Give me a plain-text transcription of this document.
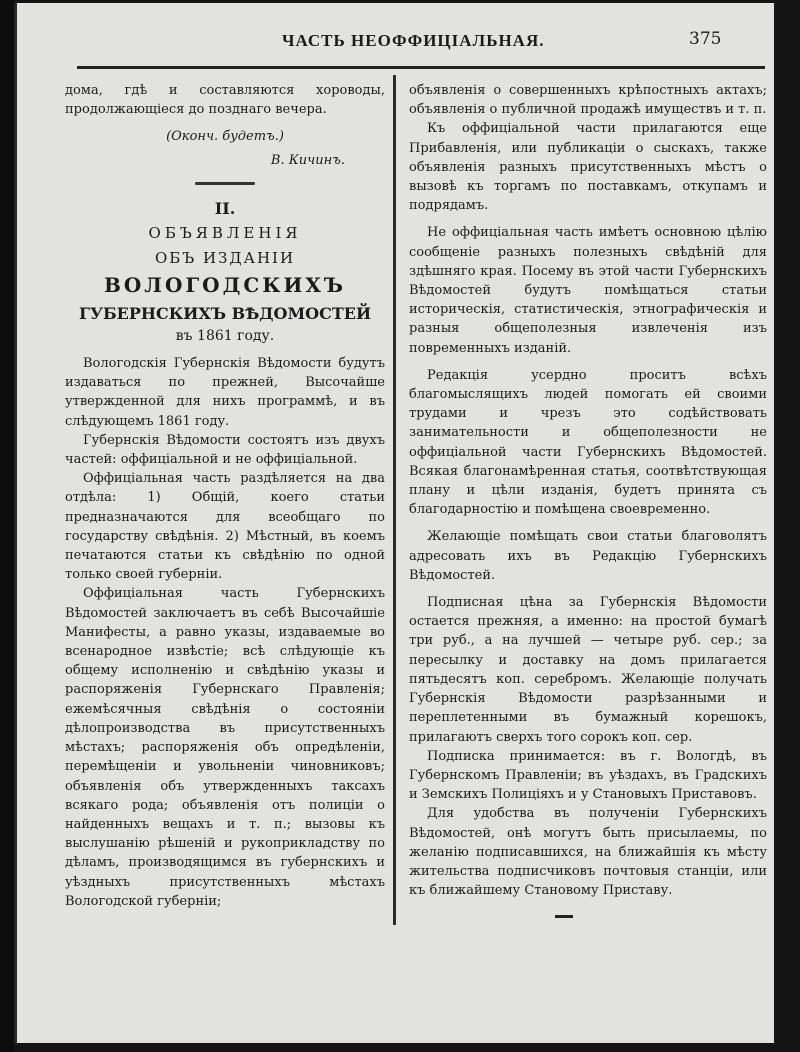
ЧАСТЬ НЕОФФИЦІАЛЬНАЯ.	375

дома, гдѣ и составляются хороводы, продолжающіеся до позднаго вечера.

(Оконч. будетъ.)

В. Кичинъ.

II.

ОБЪЯВЛЕНІЯ

ОБЪ ИЗДАНІИ

ВОЛОГОДСКИХЪ

ГУБЕРНСКИХЪ ВѢДОМОСТЕЙ

въ 1861 году.

Вологодскія Губернскія Вѣдомости будутъ издаваться по прежней, Высочайше утвержденной для нихъ программѣ, и въ слѣдующемъ 1861 году.

Губернскія Вѣдомости состоятъ изъ двухъ частей: оффиціальной и не оффиціальной.

Оффиціальная часть раздѣляется на два отдѣла: 1) Общій, коего статьи предназначаются для всеобщаго по государству свѣдѣнія. 2) Мѣстный, въ коемъ печатаются статьи къ свѣдѣнію по одной только своей губерніи.

Оффиціальная часть Губернскихъ Вѣдомостей заключаетъ въ себѣ Высочайшіе Манифесты, а равно указы, издаваемые во всенародное извѣстіе; всѣ слѣдующіе къ общему исполненію и свѣдѣнію указы и распоряженія Губернскаго Правленія; ежемѣсячныя свѣдѣнія о состояніи дѣлопроизводства въ присутственныхъ мѣстахъ; распоряженія объ опредѣленіи, перемѣщеніи и увольненіи чиновниковъ; объявленія объ утвержденныхъ таксахъ всякаго рода; объявленія отъ полиціи о найденныхъ вещахъ и т. п.; вызовы къ выслушанію рѣшеній и рукоприкладству по дѣламъ, производящимся въ губернскихъ и уѣздныхъ присутственныхъ мѣстахъ Вологодской губерніи;

объявленія о совершенныхъ крѣпостныхъ актахъ; объявленія о публичной продажѣ имуществъ и т. п.

Къ оффиціальной части прилагаются еще Прибавленія, или публикаціи о сыскахъ, также объявленія разныхъ присутственныхъ мѣстъ о вызовѣ къ торгамъ по поставкамъ, откупамъ и подрядамъ.

Не оффиціальная часть имѣетъ основною цѣлію сообщеніе разныхъ полезныхъ свѣдѣній для здѣшняго края. Посему въ этой части Губернскихъ Вѣдомостей будутъ помѣщаться статьи историческія, статистическія, этнографическія и разныя общеполезныя извлеченія изъ повременныхъ изданій.

Редакція усердно проситъ всѣхъ благомыслящихъ людей помогать ей своими трудами и чрезъ это содѣйствовать занимательности и общеполезности не оффиціальной части Губернскихъ Вѣдомостей. Всякая благонамѣренная статья, соотвѣтствующая плану и цѣли изданія, будетъ принята съ благодарностію и помѣщена своевременно.

Желающіе помѣщать свои статьи благоволятъ адресовать ихъ въ Редакцію Губернскихъ Вѣдомостей.

Подписная цѣна за Губернскія Вѣдомости остается прежняя, а именно: на простой бумагѣ три руб., а на лучшей — четыре руб. сер.; за пересылку и доставку на домъ прилагается пятьдесятъ коп. серебромъ. Желающіе получать Губернскія Вѣдомости разрѣзанными и переплетенными въ бумажный корешокъ, прилагаютъ сверхъ того сорокъ коп. сер.

Подписка принимается: въ г. Вологдѣ, въ Губернскомъ Правленіи; въ уѣздахъ, въ Градскихъ и Земскихъ Полиціяхъ и у Становыхъ Приставовъ.

Для удобства въ полученіи Губернскихъ Вѣдомостей, онѣ могутъ быть присылаемы, по желанію подписавшихся, на ближайшія къ мѣсту жительства подписчиковъ почтовыя станціи, или къ ближайшему Становому Приставу.
